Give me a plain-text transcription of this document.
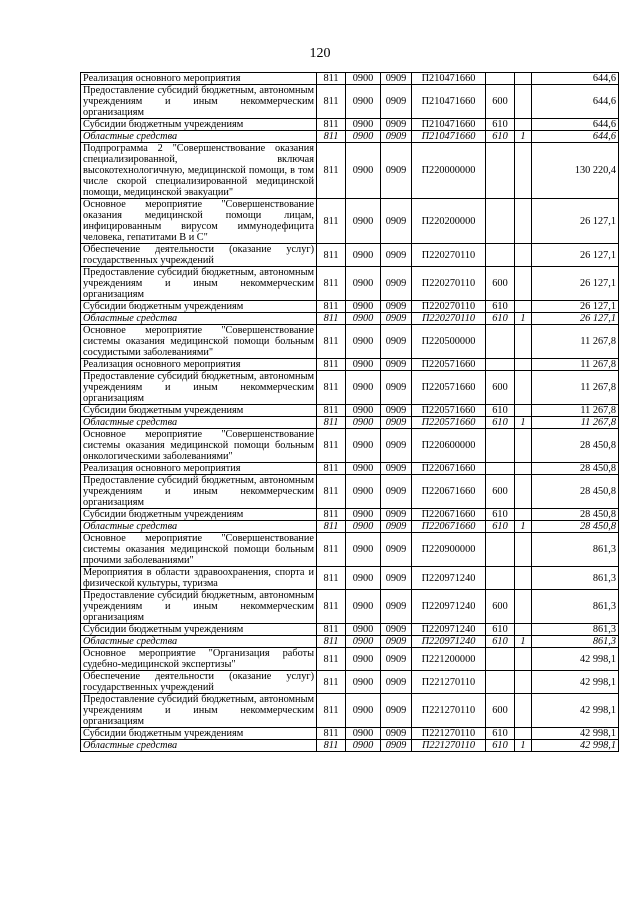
120
Реализация основного мероприятия	811	0900	0909	П210471660			644,6
Предоставление субсидий бюджетным, автономным учреждениям и иным некоммерческим организациям	811	0900	0909	П210471660	600		644,6
Субсидии бюджетным учреждениям	811	0900	0909	П210471660	610		644,6
Областные средства	811	0900	0909	П210471660	610	1	644,6
Подпрограмма 2 "Совершенствование оказания специализированной, включая высокотехнологичную, медицинской помощи, в том числе скорой специализированной медицинской помощи, медицинской эвакуации"	811	0900	0909	П220000000			130 220,4
Основное мероприятие "Совершенствование оказания медицинской помощи лицам, инфицированным вирусом иммунодефицита человека, гепатитами В и С"	811	0900	0909	П220200000			26 127,1
Обеспечение деятельности (оказание услуг) государственных учреждений	811	0900	0909	П220270110			26 127,1
Предоставление субсидий бюджетным, автономным учреждениям и иным некоммерческим организациям	811	0900	0909	П220270110	600		26 127,1
Субсидии бюджетным учреждениям	811	0900	0909	П220270110	610		26 127,1
Областные средства	811	0900	0909	П220270110	610	1	26 127,1
Основное мероприятие "Совершенствование системы оказания медицинской помощи больным сосудистыми заболеваниями"	811	0900	0909	П220500000			11 267,8
Реализация основного мероприятия	811	0900	0909	П220571660			11 267,8
Предоставление субсидий бюджетным, автономным учреждениям и иным некоммерческим организациям	811	0900	0909	П220571660	600		11 267,8
Субсидии бюджетным учреждениям	811	0900	0909	П220571660	610		11 267,8
Областные средства	811	0900	0909	П220571660	610	1	11 267,8
Основное мероприятие "Совершенствование системы оказания медицинской помощи больным онкологическими заболеваниями"	811	0900	0909	П220600000			28 450,8
Реализация основного мероприятия	811	0900	0909	П220671660			28 450,8
Предоставление субсидий бюджетным, автономным учреждениям и иным некоммерческим организациям	811	0900	0909	П220671660	600		28 450,8
Субсидии бюджетным учреждениям	811	0900	0909	П220671660	610		28 450,8
Областные средства	811	0900	0909	П220671660	610	1	28 450,8
Основное мероприятие "Совершенствование системы оказания медицинской помощи больным прочими заболеваниями"	811	0900	0909	П220900000			861,3
Мероприятия в области здравоохранения, спорта и физической культуры, туризма	811	0900	0909	П220971240			861,3
Предоставление субсидий бюджетным, автономным учреждениям и иным некоммерческим организациям	811	0900	0909	П220971240	600		861,3
Субсидии бюджетным учреждениям	811	0900	0909	П220971240	610		861,3
Областные средства	811	0900	0909	П220971240	610	1	861,3
Основное мероприятие "Организация работы судебно-медицинской экспертизы"	811	0900	0909	П221200000			42 998,1
Обеспечение деятельности (оказание услуг) государственных учреждений	811	0900	0909	П221270110			42 998,1
Предоставление субсидий бюджетным, автономным учреждениям и иным некоммерческим организациям	811	0900	0909	П221270110	600		42 998,1
Субсидии бюджетным учреждениям	811	0900	0909	П221270110	610		42 998,1
Областные средства	811	0900	0909	П221270110	610	1	42 998,1
